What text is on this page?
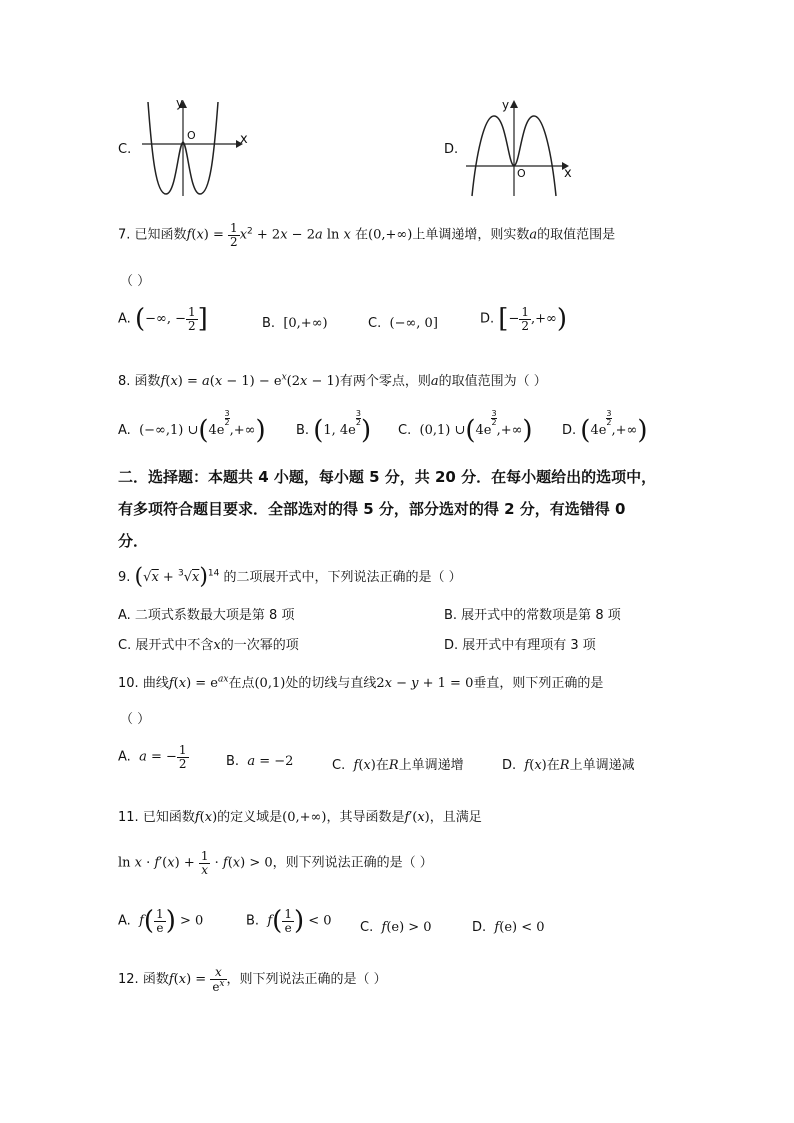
C.
y
O	x
D.
y
O	x
7. 已知函数$f(x) = \frac{1}{2} x^2 + 2x - 2a$ ln x 在(0,+∞)上单调递增，则实数a的取值范围是
（ ）
A. (−∞, − $\frac{1}{2}$ ]	B.  [0,+∞)	C.  (−∞, 0]	D. [− $\frac{1}{2}$ ,+∞)
8. 函数$f(x) = a(x - 1) - e^x(2x - 1)$有两个零点，则a的取值范围为（ ）
A.  (−∞,1) ∪(4e
$\frac{3}{2}$
,+∞) B. (1, 4e
$\frac{3}{2}$ ) C.  (0,1) ∪(4e
$\frac{3}{2}$
,+∞) D. (4e
$\frac{3}{2}$
,+∞)
二．选择题：本题共 4 小题，每小题 5 分，共 20 分．在每小题给出的选项中，
有多项符合题目要求．全部选对的得 5 分，部分选对的得 2 分，有选错得 0
分．
9. $(√x + ^3√x)^{14}$ 的二项展开式中，下列说法正确的是（ ）
A. 二项式系数最大项是第 8 项	B. 展开式中的常数项是第 8 项
C. 展开式中不含x的一次幂的项	D. 展开式中有理项有 3 项
10. 曲线$f(x) = e^{ax}$在点(0,1)处的切线与直线2x − y + 1 = 0垂直，则下列正确的是
（ ）
A.  a = − $\frac{1}{2}$	B.  a = −2	C.  f(x)在R上单调递增	D.  f(x)在R上单调递减
11. 已知函数f(x)的定义域是(0,+∞)，其导函数是f′(x)，且满足
$\ln x \cdot f'(x) + \frac{1}{x} \cdot f(x) > 0$，则下列说法正确的是（ ）
A.  $f( \frac{1}{e}$ ) > 0	B.  $f( \frac{1}{e}$ ) < 0 C.  f(e) > 0	D.  f(e) < 0
12. 函数$f(x) = \frac{x}{e^x}$ ，则下列说法正确的是（ ）
